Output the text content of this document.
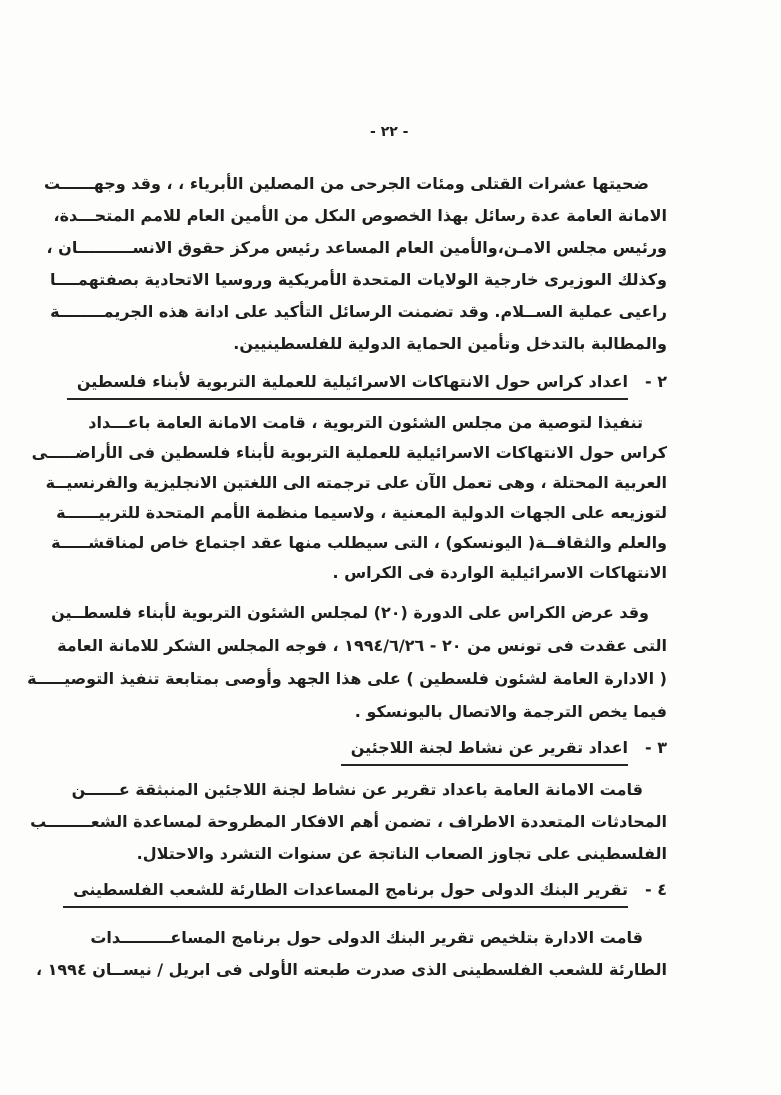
- ٢٢ -
ضحيتها عشرات القتلى ومئات الجرحى من المصلين الأبرياء ، ، وقد وجهــــــت
الامانة العامة عدة رسائل بهذا الخصوص الىكل من الأمين العام للامم المتحـــدة،
ورئيس مجلس الامـن،والأمين العام المساعد رئيس مركز حقوق الانســــــــــان ،
وكذلك الىوزيرى خارجية الولايات المتحدة الأمريكية وروسيا الاتحادية بصفتهمــــا
راعيى عملية الســلام. وقد تضمنت الرسائل التأكيد على ادانة هذه الجريمــــــــة
والمطالبة بالتدخل وتأمين الحماية الدولية للفلسطينيين.
٢ -
اعداد كراس حول الانتهاكات الاسرائيلية للعملية التربوية لأبناء فلسطين
تنفيذا لتوصية من مجلس الشئون التربوية ، قامت الامانة العامة باعـــداد
كراس حول الانتهاكات الاسرائيلية للعملية التربوية لأبناء فلسطين فى الأراضـــــى
العربية المحتلة ، وهى تعمل الآن على ترجمته الى اللغتين الانجليزية والفرنسيــة
لتوزيعه على الجهات الدولية المعنية ، ولاسيما منظمة الأمم المتحدة للتربيــــــة
والعلم والثقافــة( اليونسكو) ، التى سيطلب منها عقد اجتماع خاص لمناقشـــــة
الانتهاكات الاسرائيلية الواردة فى الكراس .
وقد عرض الكراس على الدورة (٢٠) لمجلس الشئون التربوية لأبناء فلسطــين
التى عقدت فى تونس من ٢٠ - ١٩٩٤/٦/٢٦ ، فوجه المجلس الشكر للامانة العامة
( الادارة العامة لشئون فلسطين ) على هذا الجهد وأوصى بمتابعة تنفيذ التوصيـــــة
فيما يخص الترجمة والاتصال باليونسكو .
٣ -
اعداد تقرير عن نشاط لجنة اللاجئين
قامت الامانة العامة باعداد تقرير عن نشاط لجنة اللاجئين المنبثقة عــــــن
المحادثات المتعددة الاطراف ، تضمن أهم الافكار المطروحة لمساعدة الشعــــــــب
الفلسطينى على تجاوز الصعاب الناتجة عن سنوات التشرد والاحتلال.
٤ -
تقرير البنك الدولى حول برنامج المساعدات الطارئة للشعب الفلسطينى
قامت الادارة بتلخيص تقرير البنك الدولى حول برنامج المساعـــــــــدات
الطارئة للشعب الفلسطينى الذى صدرت طبعته الأولى فى ابريل / نيســان ١٩٩٤ ،
